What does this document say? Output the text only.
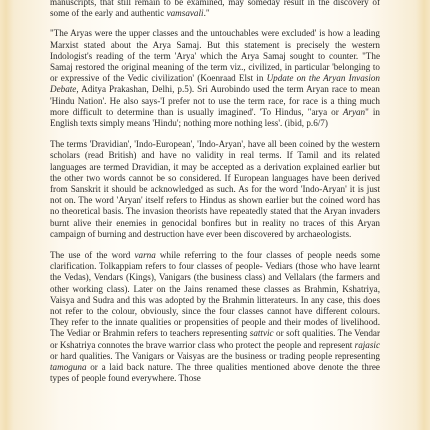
manuscripts, that still remain to be examined, may someday result in the discovery of some of the early and authentic vamsavali."

"The Aryas were the upper classes and the untouchables were excluded' is how a leading Marxist stated about the Arya Samaj. But this statement is precisely the western Indologist's reading of the term 'Arya' which the Arya Samaj sought to counter. "The Samaj restored the original meaning of the term viz., civilized, in particular 'belonging to or expressive of the Vedic civilization' (Koenraad Elst in Update on the Aryan Invasion Debate, Aditya Prakashan, Delhi, p.5). Sri Aurobindo used the term Aryan race to mean 'Hindu Nation'. He also says-'I prefer not to use the term race, for race is a thing much more difficult to determine than is usually imagined'. 'To Hindus, "arya or Aryan" in English texts simply means 'Hindu'; nothing more nothing less'. (ibid, p.6/7)

The terms 'Dravidian', 'Indo-European', 'Indo-Aryan', have all been coined by the western scholars (read British) and have no validity in real terms. If Tamil and its related languages are termed Dravidian, it may be accepted as a derivation explained earlier but the other two words cannot be so considered. If European languages have been derived from Sanskrit it should be acknowledged as such. As for the word 'Indo-Aryan' it is just not on. The word 'Aryan' itself refers to Hindus as shown earlier but the coined word has no theoretical basis. The invasion theorists have repeatedly stated that the Aryan invaders burnt alive their enemies in genocidal bonfires but in reality no traces of this Aryan campaign of burning and destruction have ever been discovered by archaeologists.

The use of the word varna while referring to the four classes of people needs some clarification. Tolkappiam refers to four classes of people- Vediars (those who have learnt the Vedas), Vendars (Kings), Vanigars (the business class) and Vellalars (the farmers and other working class). Later on the Jains renamed these classes as Brahmin, Kshatriya, Vaisya and Sudra and this was adopted by the Brahmin litterateurs. In any case, this does not refer to the colour, obviously, since the four classes cannot have different colours. They refer to the innate qualities or propensities of people and their modes of livelihood. The Vediar or Brahmin refers to teachers representing sattvic or soft qualities. The Vendar or Kshatriya connotes the brave warrior class who protect the people and represent rajasic or hard qualities. The Vanigars or Vaisyas are the business or trading people representing tamoguna or a laid back nature. The three qualities mentioned above denote the three types of people found everywhere. Those
